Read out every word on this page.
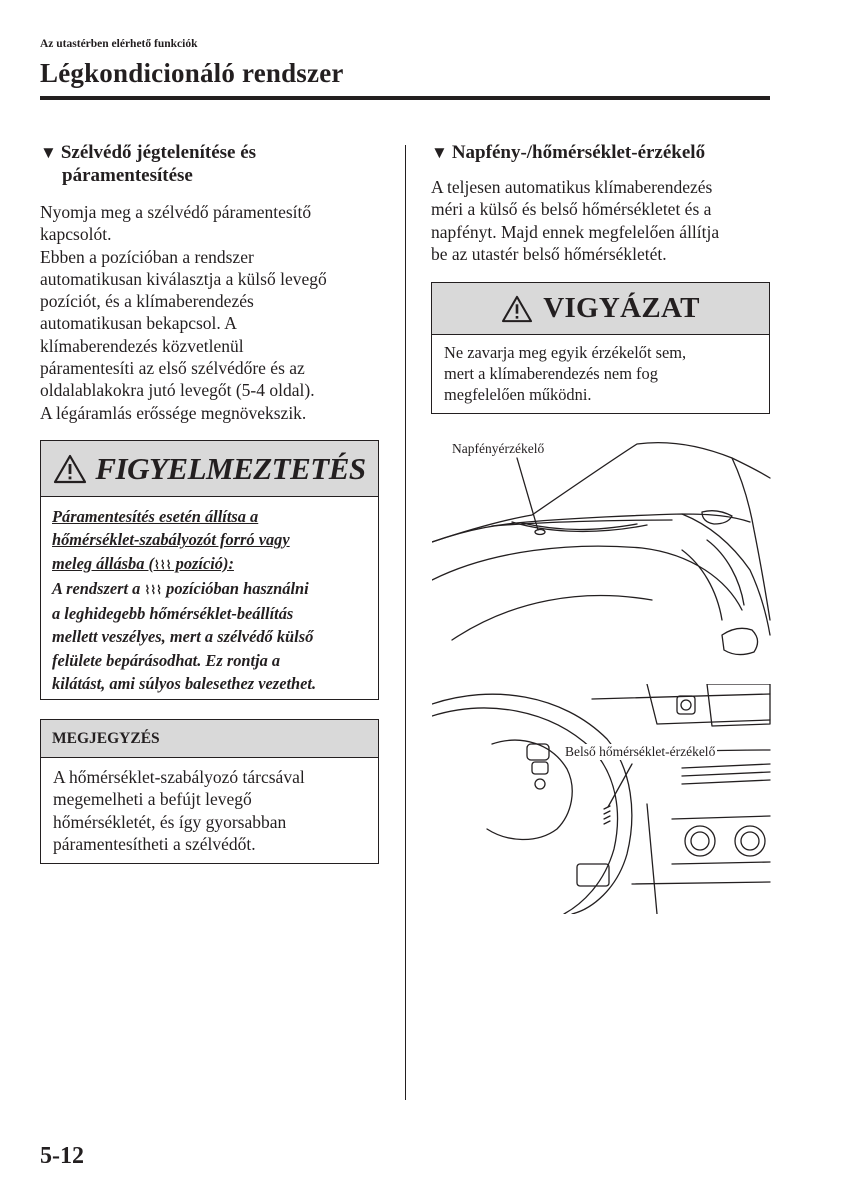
Az utastérben elérhető funkciók
Légkondicionáló rendszer
▼ Szélvédő jégtelenítése és
páramentesítése
Nyomja meg a szélvédő páramentesítő
kapcsolót.
Ebben a pozícióban a rendszer
automatikusan kiválasztja a külső levegő
pozíciót, és a klímaberendezés
automatikusan bekapcsol. A
klímaberendezés közvetlenül
páramentesíti az első szélvédőre és az
oldalablakokra jutó levegőt (5-4 oldal).
A légáramlás erőssége megnövekszik.
FIGYELMEZTETÉS
Páramentesítés esetén állítsa a
hőmérséklet-szabályozót forró vagy
meleg állásba (⌇⌇⌇ pozíció):
A rendszert a ⌇⌇⌇ pozícióban használni
a leghidegebb hőmérséklet-beállítás
mellett veszélyes, mert a szélvédő külső
felülete bepárásodhat. Ez rontja a
kilátást, ami súlyos balesethez vezethet.
MEGJEGYZÉS
A hőmérséklet-szabályozó tárcsával
megemelheti a befújt levegő
hőmérsékletét, és így gyorsabban
páramentesítheti a szélvédőt.
▼ Napfény-/hőmérséklet-érzékelő
A teljesen automatikus klímaberendezés
méri a külső és belső hőmérsékletet és a
napfényt. Majd ennek megfelelően állítja
be az utastér belső hőmérsékletét.
VIGYÁZAT
Ne zavarja meg egyik érzékelőt sem,
mert a klímaberendezés nem fog
megfelelően működni.
Napfényérzékelő
Belső hőmérséklet-érzékelő
5-12
